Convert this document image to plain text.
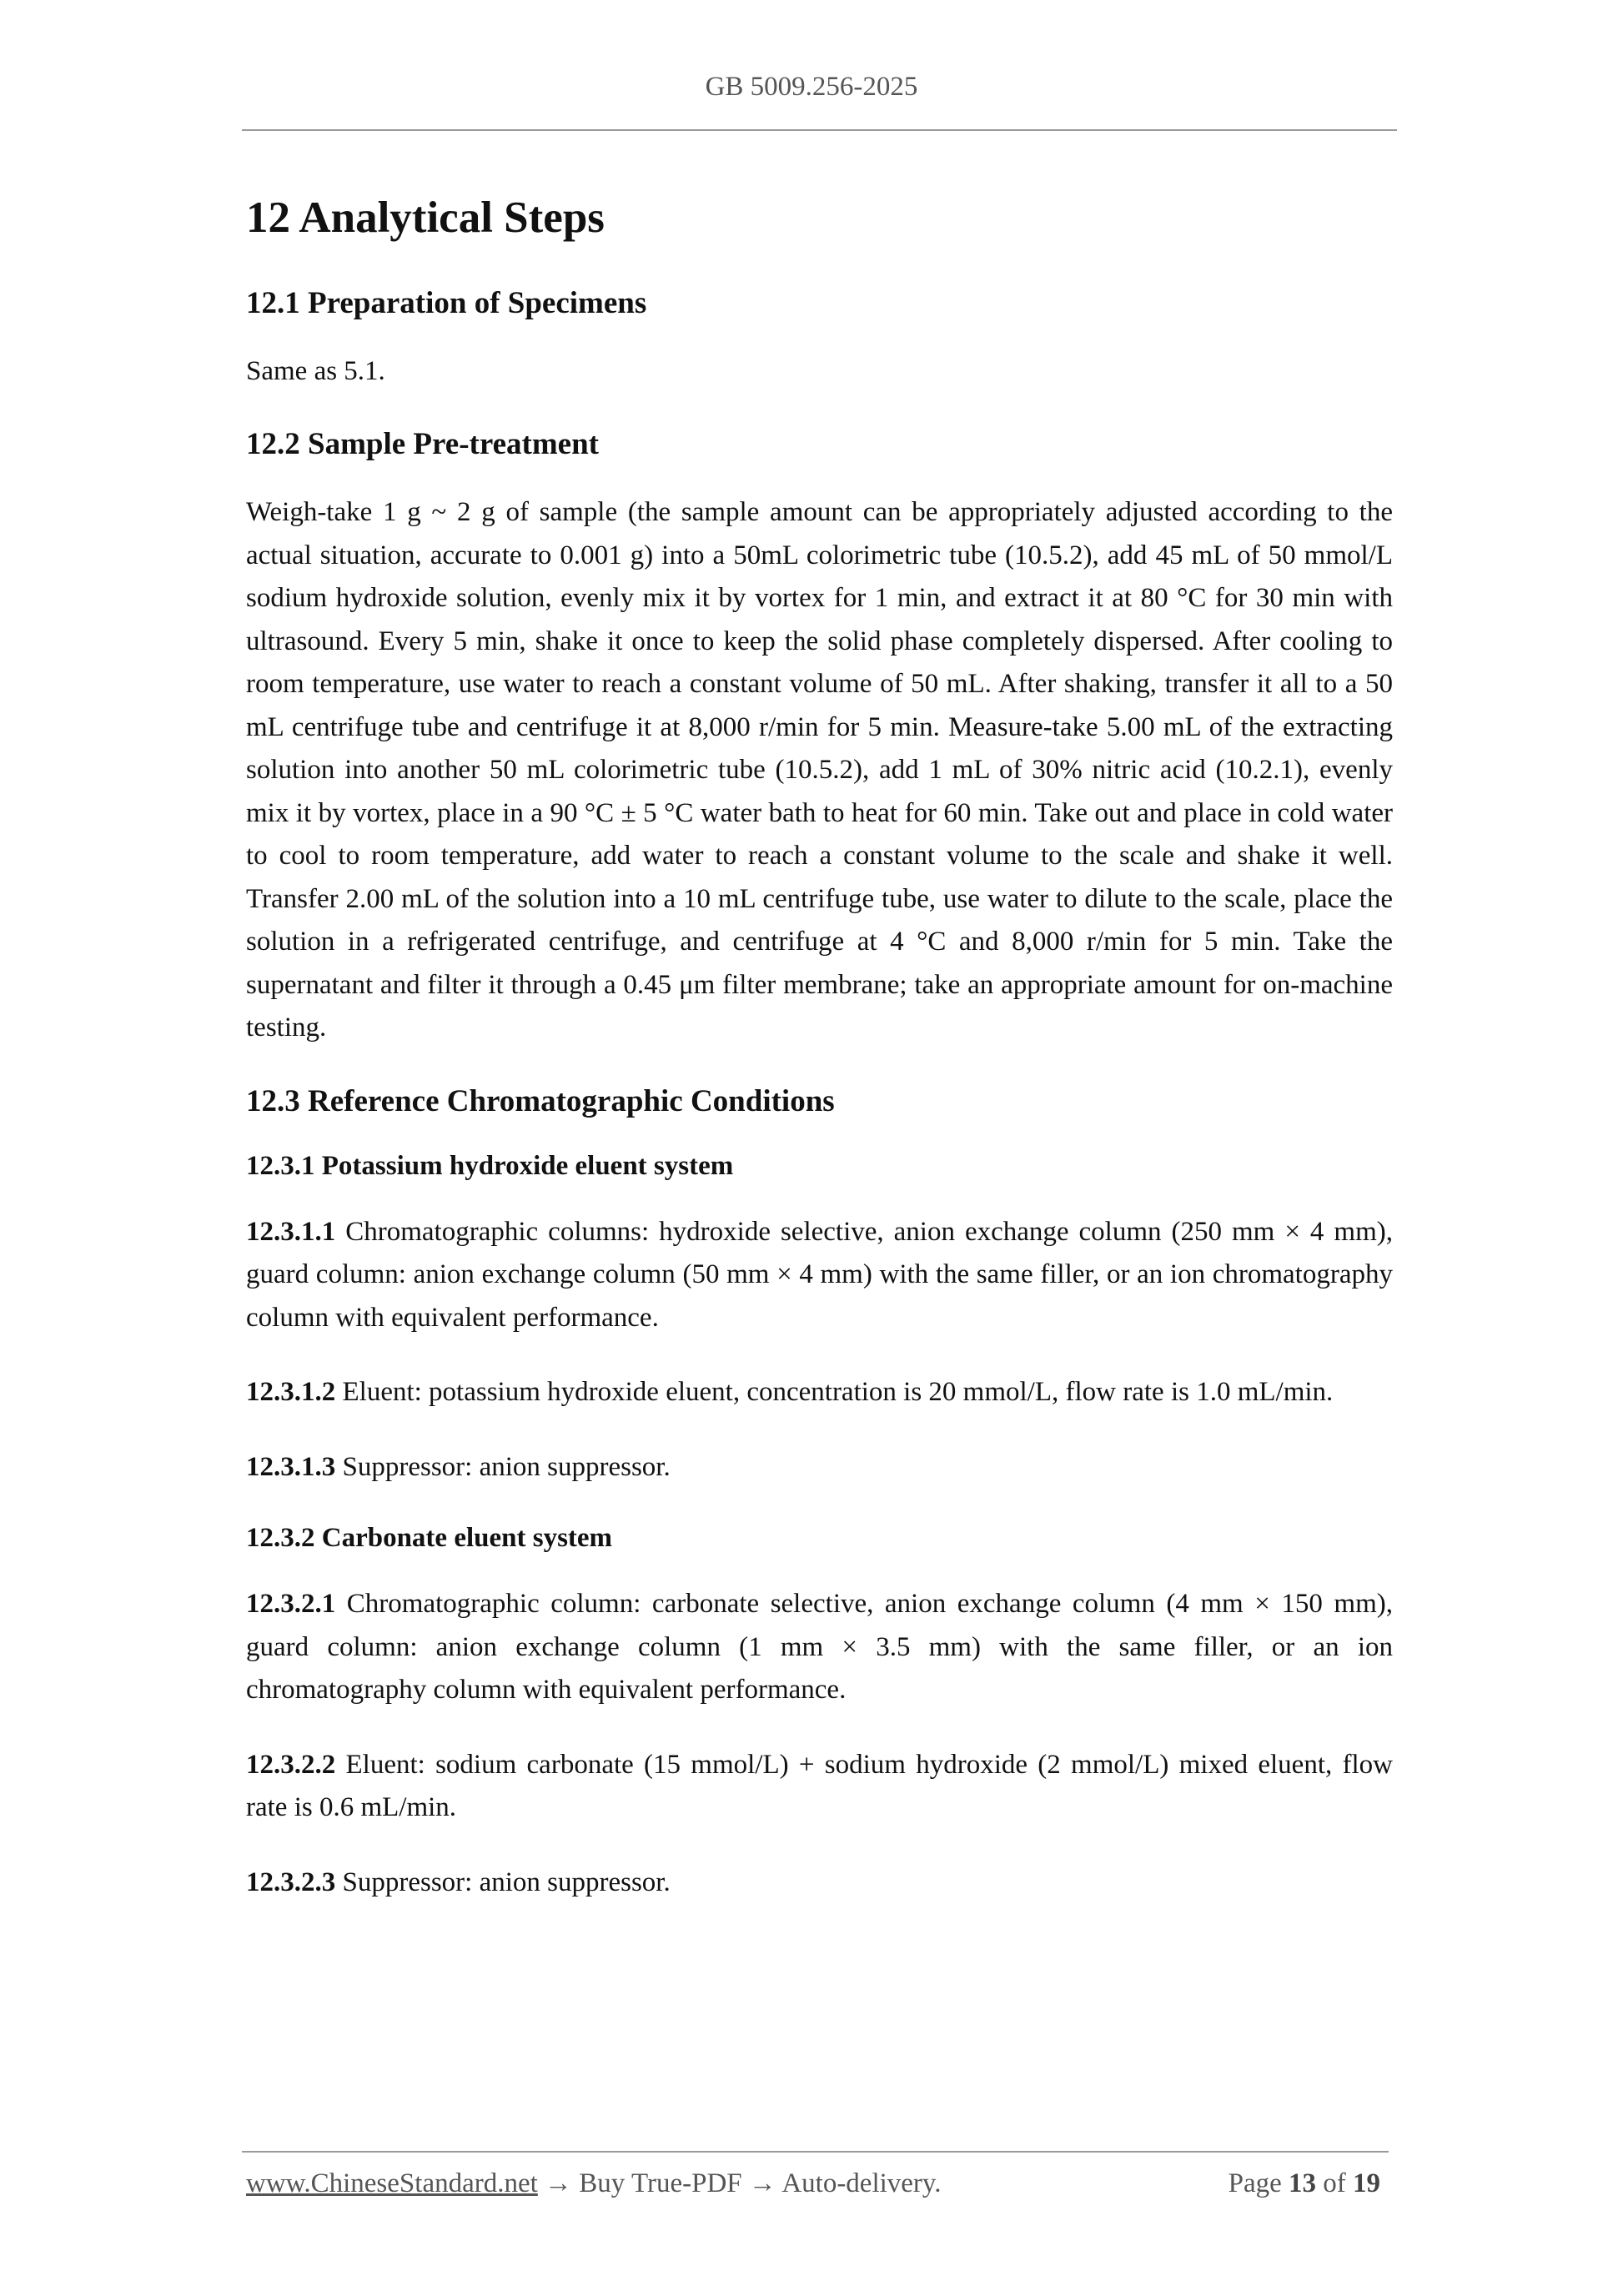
GB 5009.256-2025
12 Analytical Steps
12.1 Preparation of Specimens

Same as 5.1.

12.2 Sample Pre-treatment

Weigh-take 1 g ~ 2 g of sample (the sample amount can be appropriately adjusted according to the actual situation, accurate to 0.001 g) into a 50mL colorimetric tube (10.5.2), add 45 mL of 50 mmol/L sodium hydroxide solution, evenly mix it by vortex for 1 min, and extract it at 80 °C for 30 min with ultrasound. Every 5 min, shake it once to keep the solid phase completely dispersed. After cooling to room temperature, use water to reach a constant volume of 50 mL. After shaking, transfer it all to a 50 mL centrifuge tube and centrifuge it at 8,000 r/min for 5 min. Measure-take 5.00 mL of the extracting solution into another 50 mL colorimetric tube (10.5.2), add 1 mL of 30% nitric acid (10.2.1), evenly mix it by vortex, place in a 90 °C ± 5 °C water bath to heat for 60 min. Take out and place in cold water to cool to room temperature, add water to reach a constant volume to the scale and shake it well. Transfer 2.00 mL of the solution into a 10 mL centrifuge tube, use water to dilute to the scale, place the solution in a refrigerated centrifuge, and centrifuge at 4 °C and 8,000 r/min for 5 min. Take the supernatant and filter it through a 0.45 μm filter membrane; take an appropriate amount for on-machine testing.

12.3 Reference Chromatographic Conditions
12.3.1 Potassium hydroxide eluent system

12.3.1.1 Chromatographic columns: hydroxide selective, anion exchange column (250 mm × 4 mm), guard column: anion exchange column (50 mm × 4 mm) with the same filler, or an ion chromatography column with equivalent performance.

12.3.1.2 Eluent: potassium hydroxide eluent, concentration is 20 mmol/L, flow rate is 1.0 mL/min.

12.3.1.3 Suppressor: anion suppressor.

12.3.2 Carbonate eluent system

12.3.2.1 Chromatographic column: carbonate selective, anion exchange column (4 mm × 150 mm), guard column: anion exchange column (1 mm × 3.5 mm) with the same filler, or an ion chromatography column with equivalent performance.

12.3.2.2 Eluent: sodium carbonate (15 mmol/L) + sodium hydroxide (2 mmol/L) mixed eluent, flow rate is 0.6 mL/min.

12.3.2.3 Suppressor: anion suppressor.

www.ChineseStandard.net → Buy True-PDF → Auto-delivery.	Page 13 of 19
